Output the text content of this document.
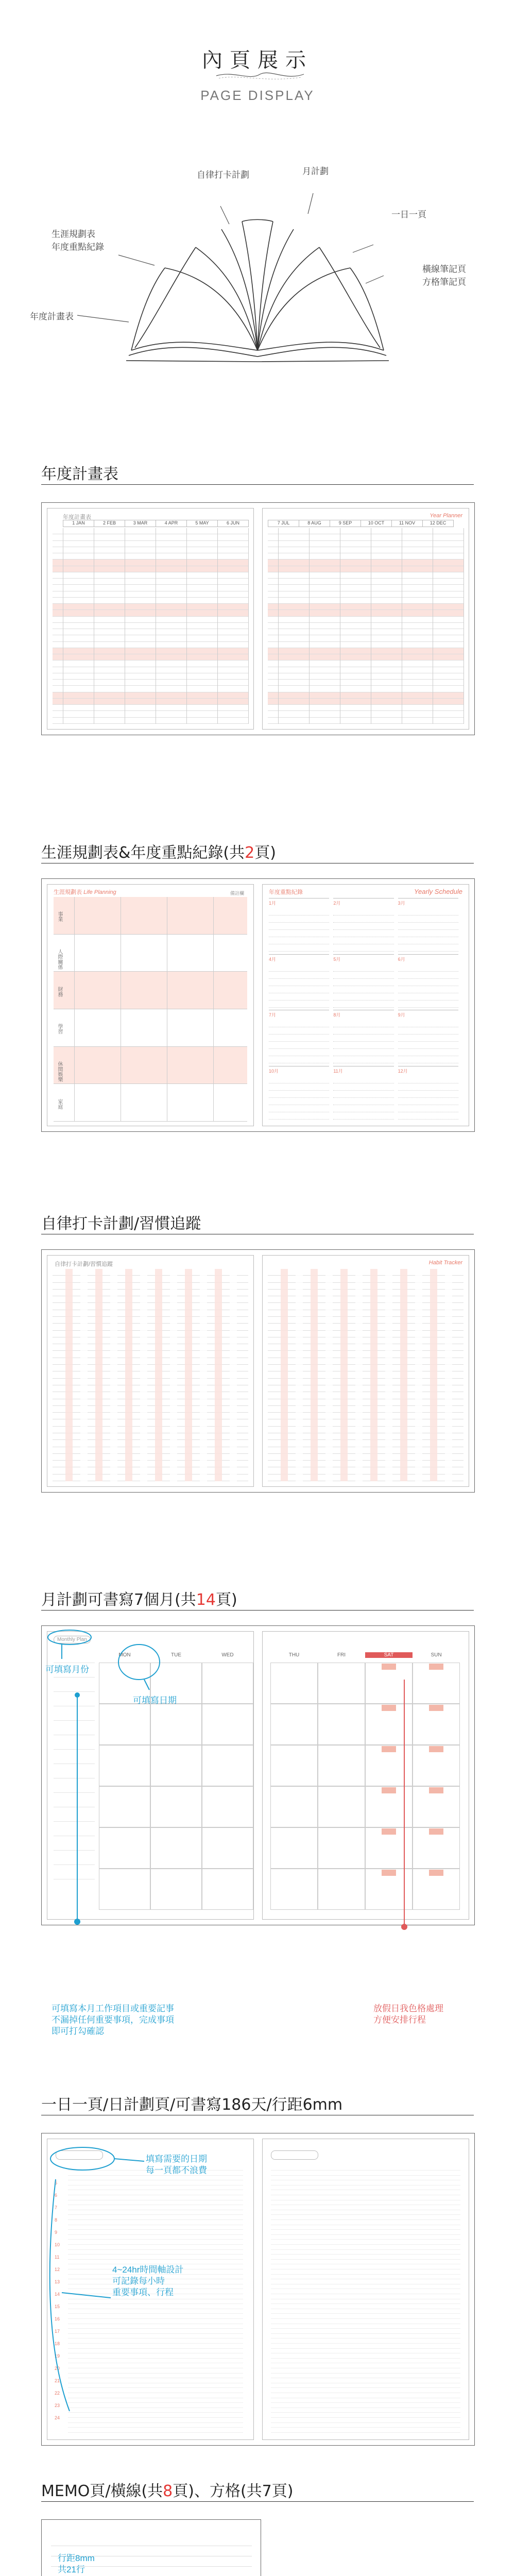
內頁展示
PAGE DISPLAY
自律打卡計劃	月計劃
一日一頁
生涯規劃表
年度重點紀錄
橫線筆記頁
方格筆記頁
年度計畫表
年度計畫表
年度計畫表
1 JAN	2 FEB	3 MAR	4 APR	5 MAY	6 JUN
Year Planner
7 JUL	8 AUG	9 SEP	10 OCT	11 NOV	12 DEC
生涯規劃表&年度重點紀錄(共2頁)
生涯規劃表 Life Planning
事業
人際關係
財務
學習
休閒娛樂
家庭
備註欄	年度重點紀錄	Yearly Schedule
1月	2月	3月
4月	5月	6月
7月	8月	9月
10月	11月	12月
自律打卡計劃/習慣追蹤
自律打卡計劃/習慣追蹤	Habit Tracker
月計劃可書寫7個月(共14頁)
Monthly Plan
MON	TUE	WED	THU	FRI	SAT	SUN
可填寫月份
可填寫日期
可填寫本月工作項目或重要記事
不漏掉任何重要事項，完成事項
即可打勾確認
放假日我色格處理
方便安排行程
一日一頁/日計劃頁/可書寫186天/行距6mm
5
6
7
8
9
10
11
12
13
14
15
16
17
18
19
20
21
22
23
24
填寫需要的日期
每一頁都不浪費
4~24hr時間軸設計
可記錄每小時
重要事項、行程
MEMO頁/橫線(共8頁)、方格(共7頁)
行距8mm
共21行
